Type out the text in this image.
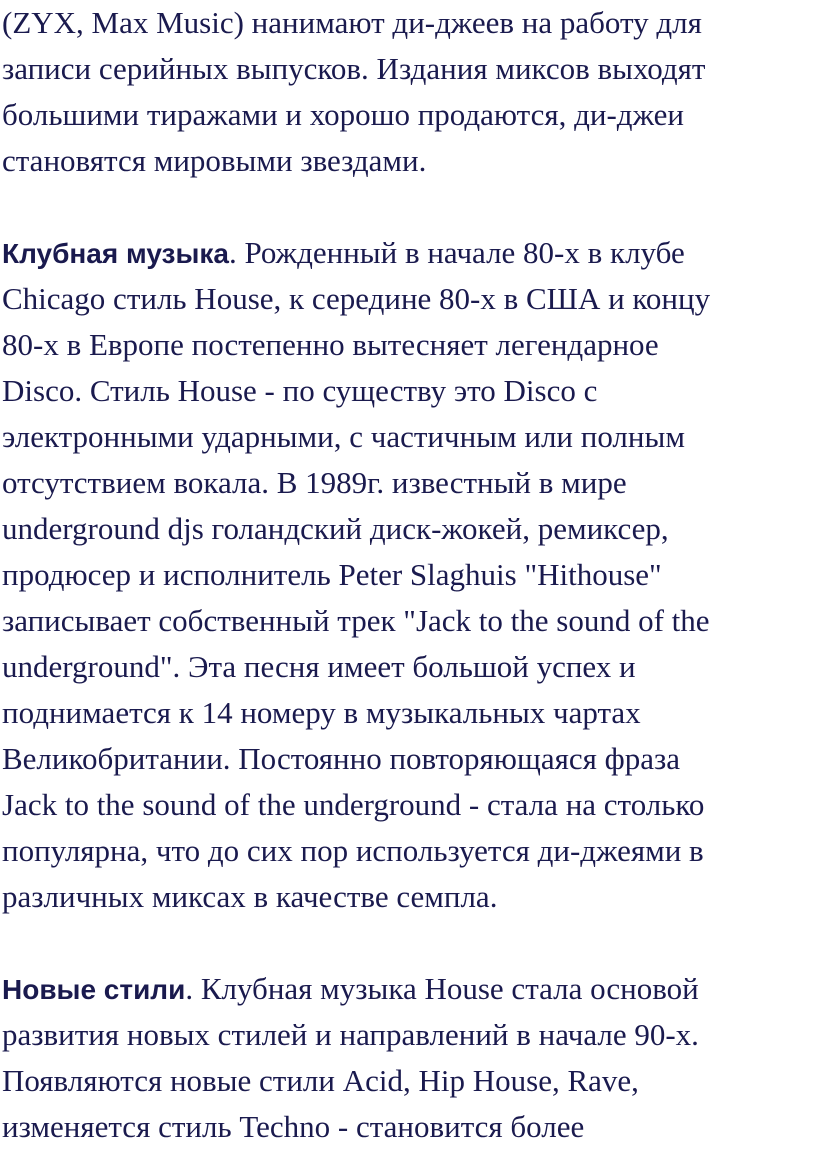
(ZYX, Max Music) нанимают ди-джеев на работу для
записи серийных выпусков. Издания миксов выходят
большими тиражами и хорошо продаются, ди-джеи
становятся мировыми звездами.
Клубная музыка. Рожденный в начале 80-х в клубе
Chicago стиль House, к середине 80-х в США и концу
80-х в Европе постепенно вытесняет легендарное
Disco. Стиль House - по существу это Disco с
электронными ударными, с частичным или полным
отсутствием вокала. В 1989г. известный в мире
underground djs голандский диск-жокей, ремиксер,
продюсер и исполнитель Peter Slaghuis "Hithouse"
записывает собственный трек "Jack to the sound of the
underground". Эта песня имеет большой успех и
поднимается к 14 номеру в музыкальных чартах
Великобритании. Постоянно повторяющаяся фраза
Jack to the sound of the underground - стала на столько
популярна, что до сих пор используется ди-джеями в
различных миксах в качестве семпла.
Новые стили. Клубная музыка House стала основой
развития новых стилей и направлений в начале 90-х.
Появляются новые стили Acid, Hip House, Rave,
изменяется стиль Techno - становится более
